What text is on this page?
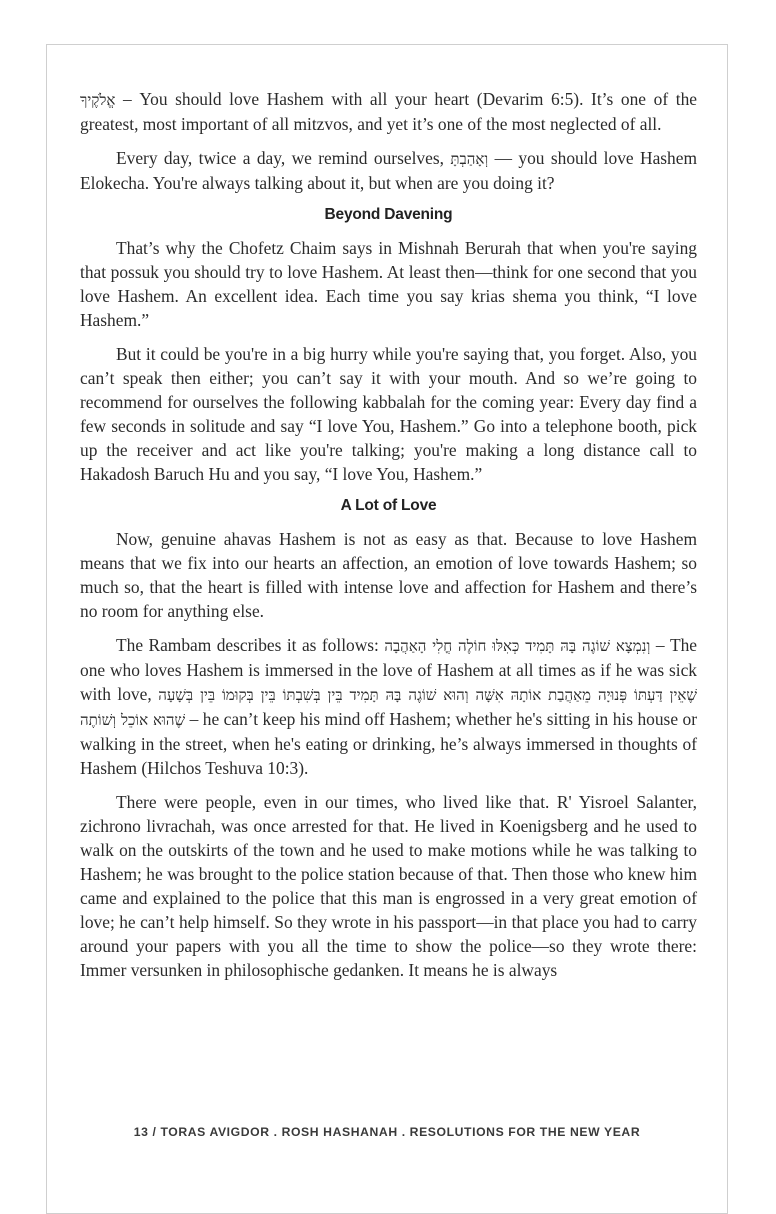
אֱלֹקֶיךָ – You should love Hashem with all your heart (Devarim 6:5). It’s one of the greatest, most important of all mitzvos, and yet it’s one of the most neglected of all.

Every day, twice a day, we remind ourselves, וְאָהַבְתָּ — you should love Hashem Elokecha. You're always talking about it, but when are you doing it?

Beyond Davening

That’s why the Chofetz Chaim says in Mishnah Berurah that when you're saying that possuk you should try to love Hashem. At least then—think for one second that you love Hashem. An excellent idea. Each time you say krias shema you think, “I love Hashem.”

But it could be you're in a big hurry while you're saying that, you forget. Also, you can’t speak then either; you can’t say it with your mouth. And so we’re going to recommend for ourselves the following kabbalah for the coming year: Every day find a few seconds in solitude and say “I love You, Hashem.” Go into a telephone booth, pick up the receiver and act like you're talking; you're making a long distance call to Hakadosh Baruch Hu and you say, “I love You, Hashem.”

A Lot of Love

Now, genuine ahavas Hashem is not as easy as that. Because to love Hashem means that we fix into our hearts an affection, an emotion of love towards Hashem; so much so, that the heart is filled with intense love and affection for Hashem and there’s no room for anything else.

The Rambam describes it as follows: וְנִמְצָא שׁוֹגֶה בָּהּ תָּמִיד כְּאִלּוּ חוֹלֶה חֳלִי הָאַהֲבָה – The one who loves Hashem is immersed in the love of Hashem at all times as if he was sick with love, שֶׁאֵין דַּעְתּוֹ פְּנוּיָה מֵאַהֲבַת אוֹתָהּ אִשָּׁה וְהוּא שׁוֹגֶה בָּהּ תָּמִיד בֵּין בְּשִׁבְתּוֹ בֵּין בְּקוּמוֹ בֵּין בְּשָׁעָה שֶׁהוּא אוֹכֵל וְשׁוֹתֶה – he can’t keep his mind off Hashem; whether he's sitting in his house or walking in the street, when he's eating or drinking, he’s always immersed in thoughts of Hashem (Hilchos Teshuva 10:3).

There were people, even in our times, who lived like that. R' Yisroel Salanter, zichrono livrachah, was once arrested for that. He lived in Koenigsberg and he used to walk on the outskirts of the town and he used to make motions while he was talking to Hashem; he was brought to the police station because of that. Then those who knew him came and explained to the police that this man is engrossed in a very great emotion of love; he can’t help himself. So they wrote in his passport—in that place you had to carry around your papers with you all the time to show the police—so they wrote there: Immer versunken in philosophische gedanken. It means he is always

13 / TORAS AVIGDOR . ROSH HASHANAH . RESOLUTIONS FOR THE NEW YEAR
